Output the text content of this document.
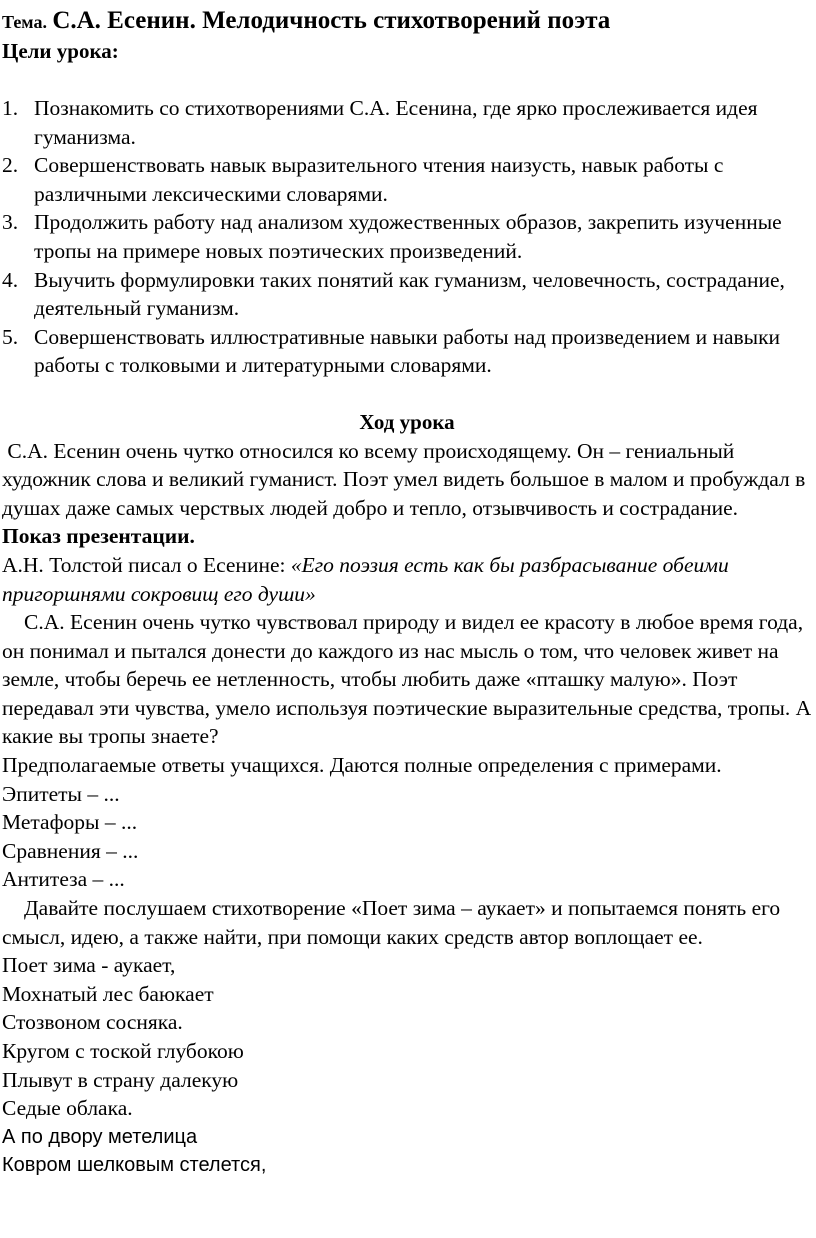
Тема. С.А. Есенин. Мелодичность стихотворений поэта
Цели урока:
1. Познакомить со стихотворениями С.А. Есенина, где ярко прослеживается идея гуманизма.
2. Совершенствовать навык выразительного чтения наизусть, навык работы с различными лексическими словарями.
3. Продолжить работу над анализом художественных образов, закрепить изученные тропы на примере новых поэтических произведений.
4. Выучить формулировки таких понятий как гуманизм, человечность, сострадание, деятельный гуманизм.
5. Совершенствовать иллюстративные навыки работы над произведением и навыки работы с толковыми и литературными словарями.
Ход урока

С.А. Есенин очень чутко относился ко всему происходящему. Он – гениальный художник слова и великий гуманист. Поэт умел видеть большое в малом и пробуждал в душах даже самых черствых людей добро и тепло, отзывчивость и сострадание.

Показ презентации.

А.Н. Толстой писал о Есенине: «Его поэзия есть как бы разбрасывание обеими пригоршнями сокровищ его души»

С.А. Есенин очень чутко чувствовал природу и видел ее красоту в любое время года, он понимал и пытался донести до каждого из нас мысль о том, что человек живет на земле, чтобы беречь ее нетленность, чтобы любить даже «пташку малую». Поэт передавал эти чувства, умело используя поэтические выразительные средства, тропы. А какие вы тропы знаете?

Предполагаемые ответы учащихся. Даются полные определения с примерами.

Эпитеты – ...

Метафоры – ...

Сравнения – ...

Антитеза – ...

Давайте послушаем стихотворение «Поет зима – аукает» и попытаемся понять его смысл, идею, а также найти, при помощи каких средств автор воплощает ее.

Поет зима - аукает,

Мохнатый лес баюкает

Стозвоном сосняка.

Кругом с тоской глубокою

Плывут в страну далекую

Седые облака.

А по двору метелица

Ковром шелковым стелется,
